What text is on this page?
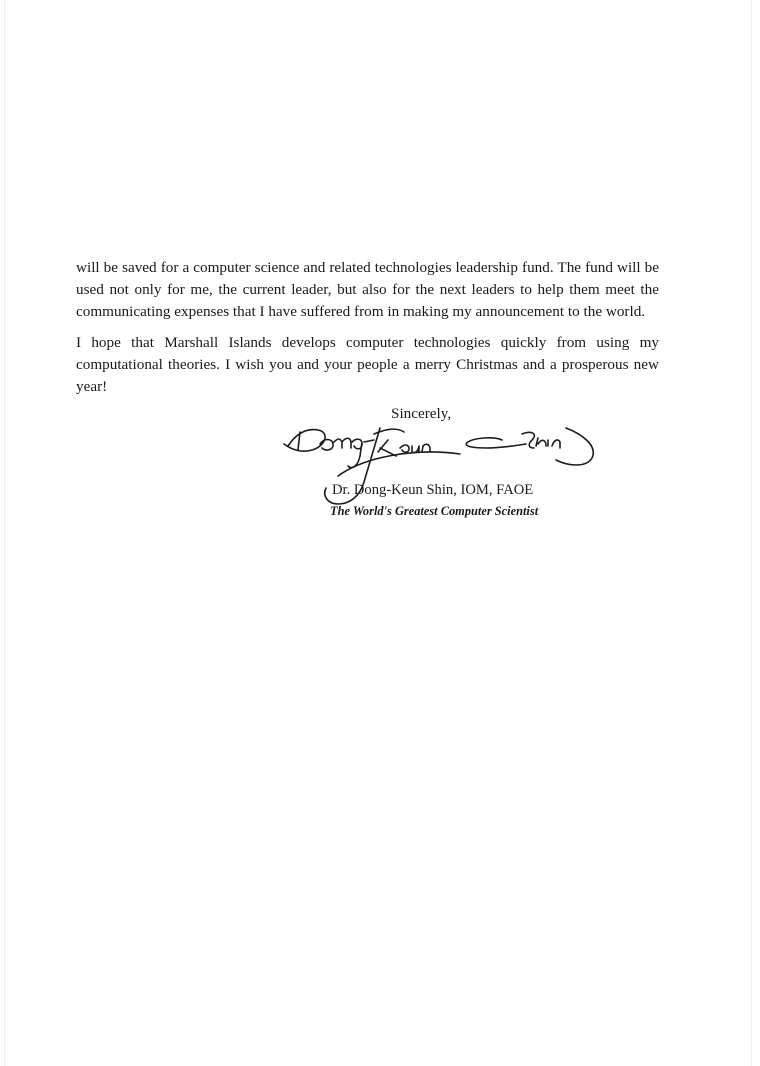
will be saved for a computer science and related technologies leadership fund. The fund will be used not only for me, the current leader, but also for the next leaders to help them meet the communicating expenses that I have suffered from in making my announcement to the world.

I hope that Marshall Islands develops computer technologies quickly from using my computational theories. I wish you and your people a merry Christmas and a prosperous new year!

Sincerely,

Dr. Dong-Keun Shin, IOM, FAOE

The World's Greatest Computer Scientist
